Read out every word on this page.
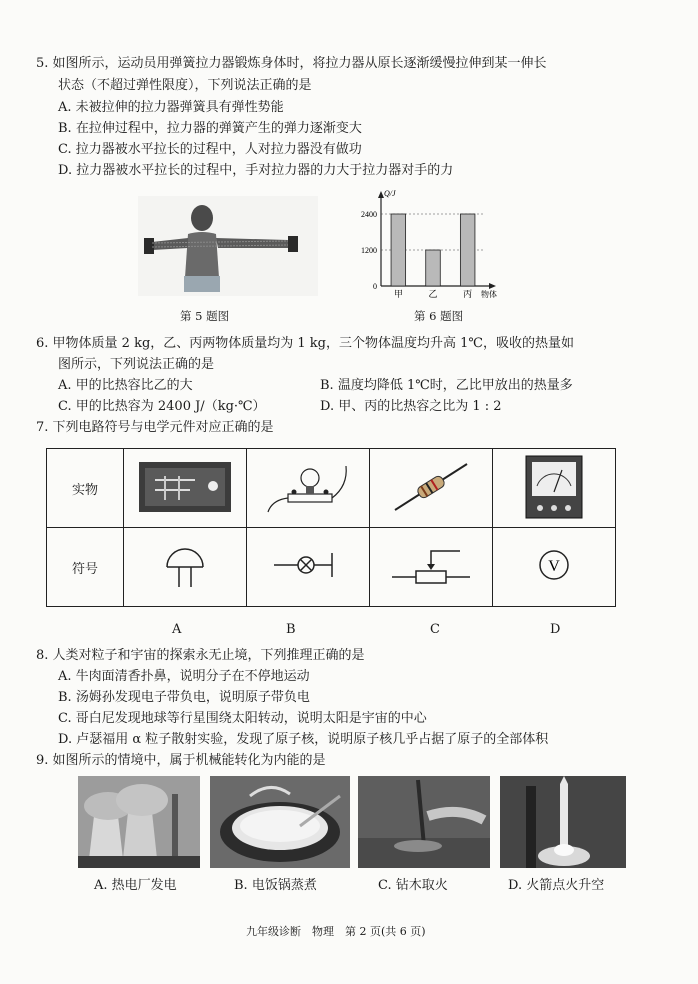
5. 如图所示，运动员用弹簧拉力器锻炼身体时，将拉力器从原长逐渐缓慢拉伸到某一伸长
状态（不超过弹性限度），下列说法正确的是
A. 未被拉伸的拉力器弹簧具有弹性势能
B. 在拉伸过程中，拉力器的弹簧产生的弹力逐渐变大
C. 拉力器被水平拉长的过程中，人对拉力器没有做功
D. 拉力器被水平拉长的过程中，手对拉力器的力大于拉力器对手的力
第 5 题图
0
1200
2400
甲	乙	丙
Q/J
物体
第 6 题图
6. 甲物体质量 2 kg，乙、丙两物体质量均为 1 kg，三个物体温度均升高 1℃，吸收的热量如
图所示，下列说法正确的是
A. 甲的比热容比乙的大	B. 温度均降低 1℃时，乙比甲放出的热量多
C. 甲的比热容为 2400 J/（kg·℃）	D. 甲、丙的比热容之比为 1 : 2
7. 下列电路符号与电学元件对应正确的是
实物				
符号				V
A	B	C	D
8. 人类对粒子和宇宙的探索永无止境，下列推理正确的是
A. 牛肉面清香扑鼻，说明分子在不停地运动
B. 汤姆孙发现电子带负电，说明原子带负电
C. 哥白尼发现地球等行星围绕太阳转动，说明太阳是宇宙的中心
D. 卢瑟福用 α 粒子散射实验，发现了原子核，说明原子核几乎占据了原子的全部体积
9. 如图所示的情境中，属于机械能转化为内能的是
A. 热电厂发电	B. 电饭锅蒸煮	C. 钻木取火	D. 火箭点火升空
九年级诊断　物理　第 2 页(共 6 页)
